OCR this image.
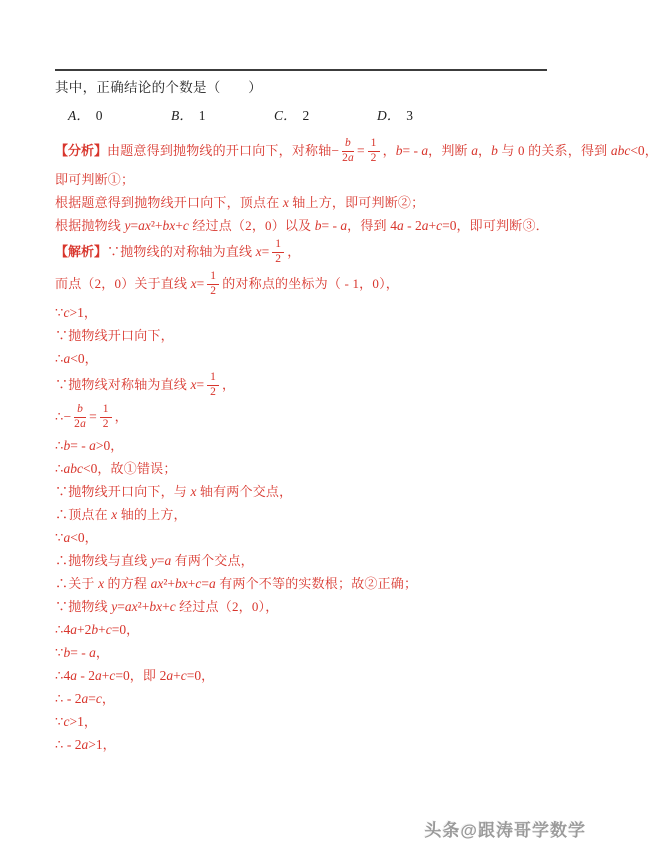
其中，正确结论的个数是（　　）
A． 0	B． 1	C． 2	D． 3
【分析】由题意得到抛物线的开口向下，对称轴− $\frac{b}{2a} = \frac{1}{2}$ ，b= - a，判断 a，b 与 0 的关系，得到 abc<0，
即可判断①；
根据题意得到抛物线开口向下，顶点在 x 轴上方，即可判断②；
根据抛物线 y=ax²+bx+c 经过点（2，0）以及 b= - a，得到 4a - 2a+c=0，即可判断③．
【解析】∵抛物线的对称轴为直线 $x= \frac{1}{2}$ ，
而点（2，0）关于直线 $x= \frac{1}{2}$ 的对称点的坐标为（ - 1，0），
∵c>1，
∵抛物线开口向下，
∴a<0，
∵抛物线对称轴为直线 $x= \frac{1}{2}$ ，
∴− $\frac{b}{2a} = \frac{1}{2}$ ，
∴b= - a>0，
∴abc<0，故①错误；
∵抛物线开口向下，与 x 轴有两个交点，
∴顶点在 x 轴的上方，
∵a<0，
∴抛物线与直线 y=a 有两个交点，
∴关于 x 的方程 ax²+bx+c=a 有两个不等的实数根；故②正确；
∵抛物线 y=ax²+bx+c 经过点（2，0），
∴4a+2b+c=0，
∵b= - a，
∴4a - 2a+c=0，即 2a+c=0，
∴ - 2a=c，
∵c>1，
∴ - 2a>1，
头条@跟涛哥学数学
